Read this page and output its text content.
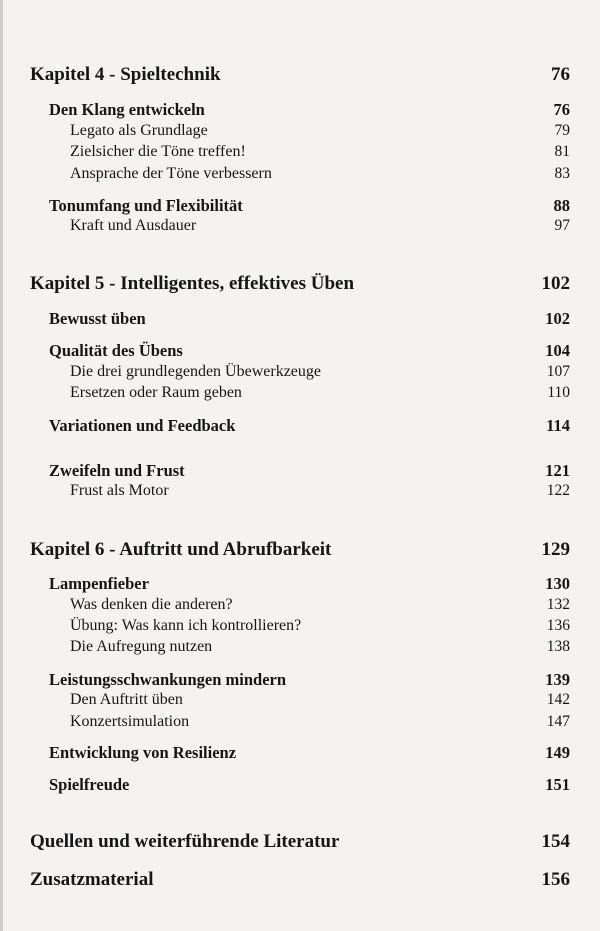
Kapitel 4 - Spieltechnik	76
Den Klang entwickeln	76
Legato als Grundlage	79
Zielsicher die Töne treffen!	81
Ansprache der Töne verbessern	83
Tonumfang und Flexibilität	88
Kraft und Ausdauer	97
Kapitel 5 - Intelligentes, effektives Üben	102
Bewusst üben	102
Qualität des Übens	104
Die drei grundlegenden Übewerkzeuge	107
Ersetzen oder Raum geben	110
Variationen und Feedback	114
Zweifeln und Frust	121
Frust als Motor	122
Kapitel 6 - Auftritt und Abrufbarkeit	129
Lampenfieber	130
Was denken die anderen?	132
Übung: Was kann ich kontrollieren?	136
Die Aufregung nutzen	138
Leistungsschwankungen mindern	139
Den Auftritt üben	142
Konzertsimulation	147
Entwicklung von Resilienz	149
Spielfreude	151
Quellen und weiterführende Literatur	154
Zusatzmaterial	156
